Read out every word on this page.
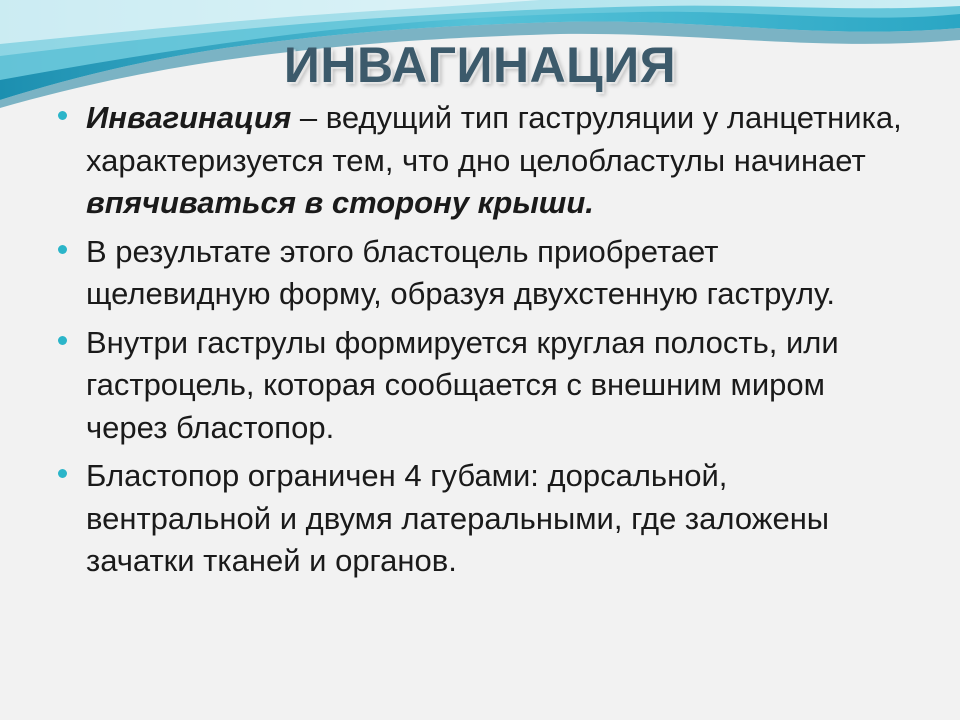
ИНВАГИНАЦИЯ
Инвагинация – ведущий тип гаструляции у ланцетника, характеризуется тем, что дно целобластулы начинает впячиваться в сторону крыши.
В результате этого бластоцель приобретает щелевидную форму, образуя двухстенную гаструлу.
Внутри гаструлы формируется круглая полость, или гастроцель, которая сообщается с внешним миром через бластопор.
Бластопор ограничен 4 губами: дорсальной, вентральной и двумя латеральными, где заложены зачатки тканей и органов.
